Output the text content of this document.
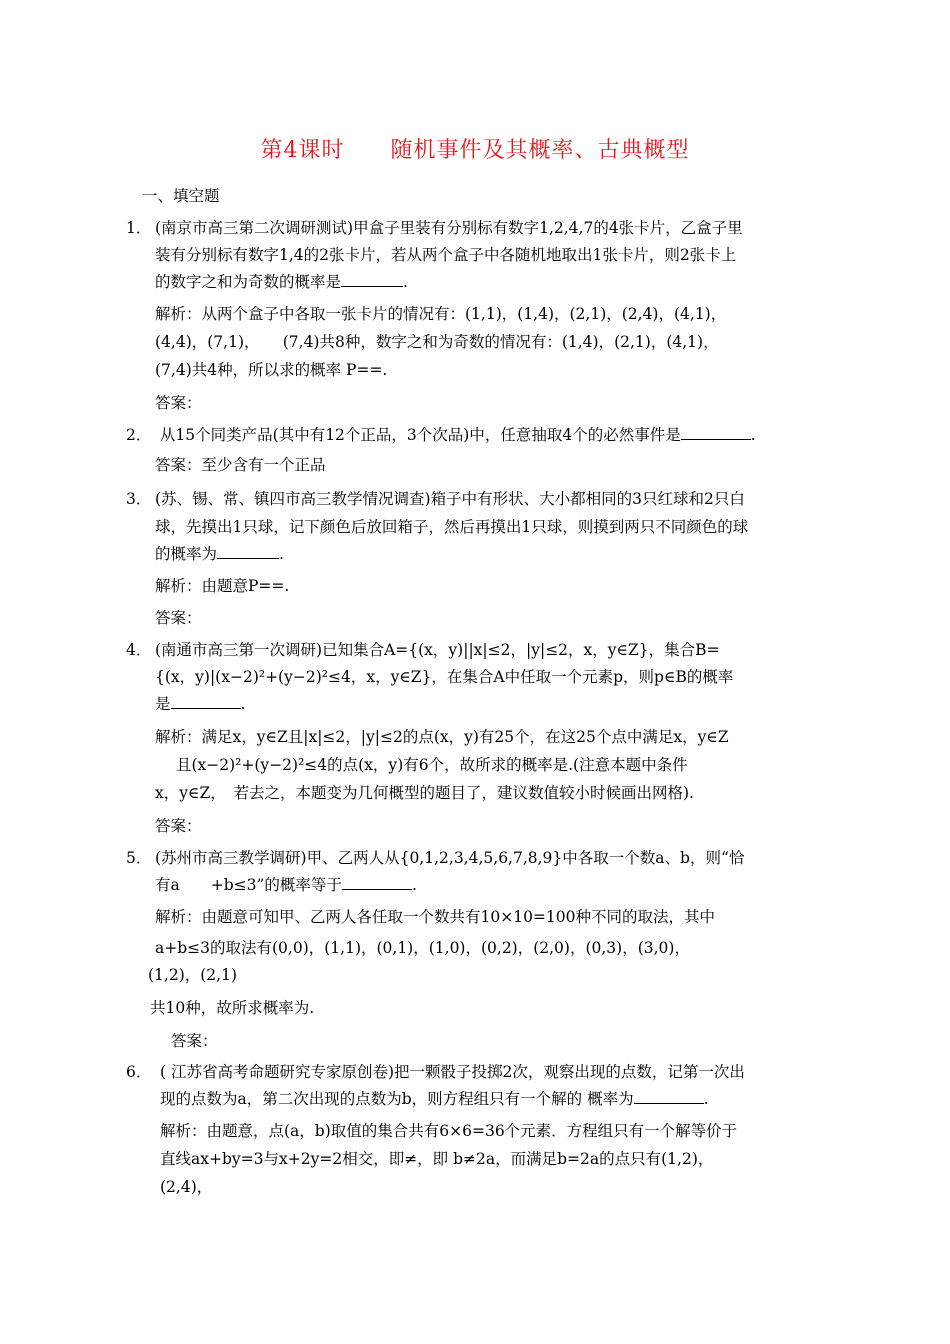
第4课时　　随机事件及其概率、古典概型
一、填空题
1． (南京市高三第二次调研测试)甲盒子里装有分别标有数字1,2,4,7的4张卡片，乙盒子里
装有分别标有数字1,4的2张卡片，若从两个盒子中各随机地取出1张卡片，则2张卡上
的数字之和为奇数的概率是	.
解析：从两个盒子中各取一张卡片的情况有：(1,1)，(1,4)，(2,1)，(2,4)，(4,1)，
(4,4)，(7,1)，　　(7,4)共8种，数字之和为奇数的情况有：(1,4)，(2,1)，(4,1)，
(7,4)共4种，所以求的概率 P==.
答案：
2． 从15个同类产品(其中有12个正品，3个次品)中，任意抽取4个的必然事件是	.
答案：至少含有一个正品
3． (苏、锡、常、镇四市高三教学情况调查)箱子中有形状、大小都相同的3只红球和2只白
球，先摸出1只球，记下颜色后放回箱子，然后再摸出1只球，则摸到两只不同颜色的球
的概率为	.
解析：由题意P==.
答案：
4． (南通市高三第一次调研)已知集合A={(x，y)||x|≤2，|y|≤2，x，y∈Z}，集合B=
{(x，y)|(x−2)²+(y−2)²≤4，x，y∈Z}，在集合A中任取一个元素p，则p∈B的概率
是	.
解析：满足x，y∈Z且|x|≤2，|y|≤2的点(x，y)有25个，在这25个点中满足x，y∈Z
且(x−2)²+(y−2)²≤4的点(x，y)有6个，故所求的概率是.(注意本题中条件
x，y∈Z，　若去之，本题变为几何概型的题目了，建议数值较小时候画出网格).
答案：
5． (苏州市高三教学调研)甲、乙两人从{0,1,2,3,4,5,6,7,8,9}中各取一个数a、b，则“恰
有a　　+b≤3”的概率等于	.
解析：由题意可知甲、乙两人各任取一个数共有10×10=100种不同的取法，其中
a+b≤3的取法有(0,0)，(1,1)，(0,1)，(1,0)，(0,2)，(2,0)，(0,3)，(3,0)，
(1,2)，(2,1)
共10种，故所求概率为.
答案：
6． ( 江苏省高考命题研究专家原创卷)把一颗骰子投掷2次，观察出现的点数，记第一次出
现的点数为a，第二次出现的点数为b，则方程组只有一个解的 概率为	.
解析：由题意，点(a，b)取值的集合共有6×6=36个元素．方程组只有一个解等价于
直线ax+by=3与x+2y=2相交，即≠，即 b≠2a，而满足b=2a的点只有(1,2)，
(2,4)，
